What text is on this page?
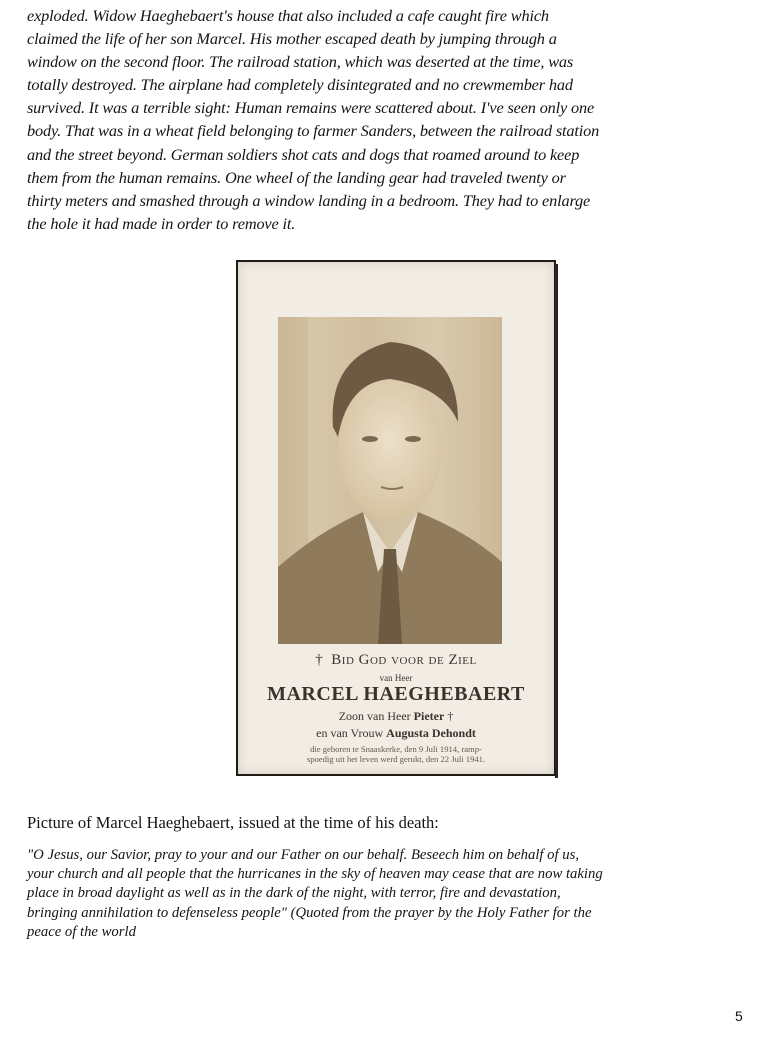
exploded. Widow Haeghebaert's house that also included a cafe caught fire which
claimed the life of her son Marcel. His mother escaped death by jumping through a
window on the second floor. The railroad station, which was deserted at the time, was
totally destroyed. The airplane had completely disintegrated and no crewmember had
survived. It was a terrible sight: Human remains were scattered about. I've seen only one
body. That was in a wheat field belonging to farmer Sanders, between the railroad station
and the street beyond. German soldiers shot cats and dogs that roamed around to keep
them from the human remains. One wheel of the landing gear had traveled twenty or
thirty meters and smashed through a window landing in a bedroom. They had to enlarge
the hole it had made in order to remove it.
† Bid God voor de Ziel
van Heer
MARCEL HAEGHEBAERT
Zoon van Heer Pieter †
en van Vrouw Augusta Dehondt
die geboren te Snaaskerke, den 9 Juli 1914, ramp-
spoedig uit het leven werd gerukt, den 22 Juli 1941.

Picture of Marcel Haeghebaert, issued at the time of his death:

"O Jesus, our Savior, pray to your and our Father on our behalf. Beseech him on behalf of us,
your church and all people that the hurricanes in the sky of heaven may cease that are now taking
place in broad daylight as well as in the dark of the night, with terror, fire and devastation,
bringing annihilation to defenseless people" (Quoted from the prayer by the Holy Father for the
peace of the world
5
